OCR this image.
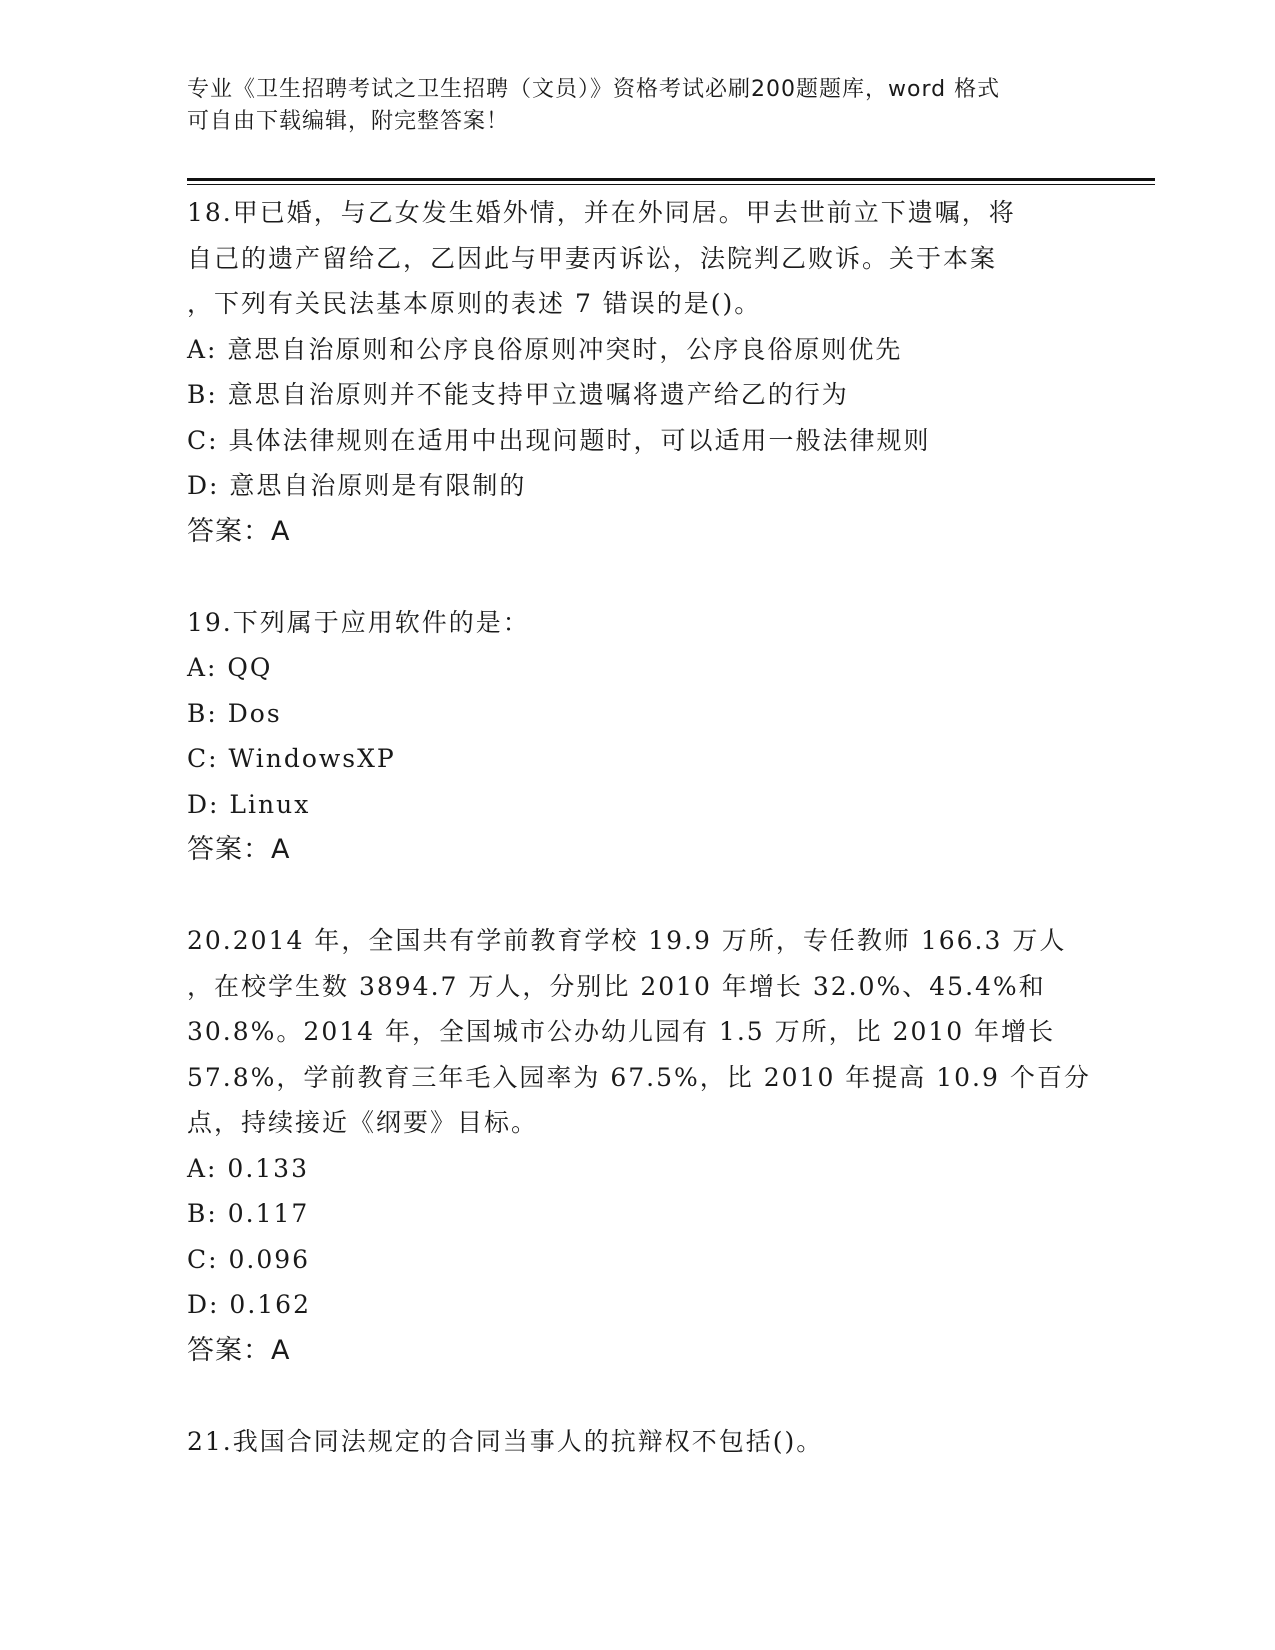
专业《卫生招聘考试之卫生招聘（文员）》资格考试必刷200题题库，word 格式
可自由下载编辑，附完整答案！
18.甲已婚，与乙女发生婚外情，并在外同居。甲去世前立下遗嘱，将
自己的遗产留给乙，乙因此与甲妻丙诉讼，法院判乙败诉。关于本案
，下列有关民法基本原则的表述 7 错误的是()。
A: 意思自治原则和公序良俗原则冲突时，公序良俗原则优先
B: 意思自治原则并不能支持甲立遗嘱将遗产给乙的行为
C: 具体法律规则在适用中出现问题时，可以适用一般法律规则
D: 意思自治原则是有限制的
答案：A
19.下列属于应用软件的是：
A: QQ
B: Dos
C: WindowsXP
D: Linux
答案：A
20.2014 年，全国共有学前教育学校 19.9 万所，专任教师 166.3 万人
，在校学生数 3894.7 万人，分别比 2010 年增长 32.0%、45.4%和
30.8%。2014 年，全国城市公办幼儿园有 1.5 万所，比 2010 年增长
57.8%，学前教育三年毛入园率为 67.5%，比 2010 年提高 10.9 个百分
点，持续接近《纲要》目标。
A: 0.133
B: 0.117
C: 0.096
D: 0.162
答案：A
21.我国合同法规定的合同当事人的抗辩权不包括()。
